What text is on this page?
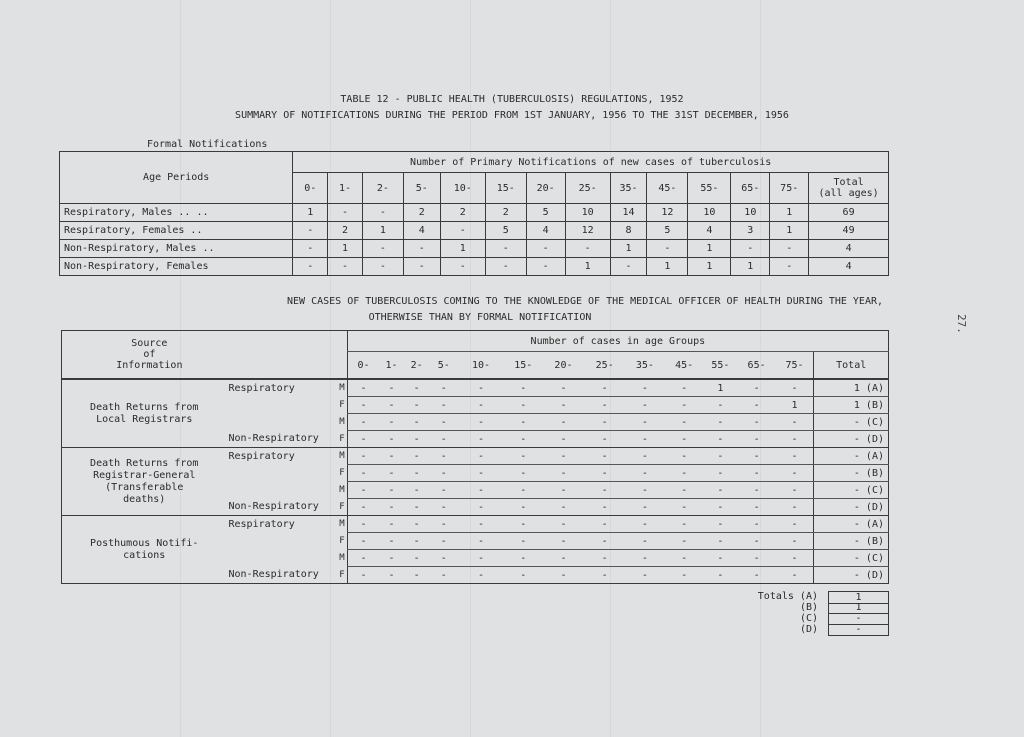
27.
TABLE 12 - PUBLIC HEALTH (TUBERCULOSIS) REGULATIONS, 1952
SUMMARY OF NOTIFICATIONS DURING THE PERIOD FROM 1ST JANUARY, 1956 TO THE 31ST DECEMBER, 1956
Formal Notifications
Age Periods	Number of Primary Notifications of new cases of tuberculosis													
	0-	1-	2-	5-	10-	15-	20-	25-	35-	45-	55-	65-	75-	Total
(all ages)
Respiratory, Males .. ..	1	-	-	2	2	2	5	10	14	12	10	10	1	69
Respiratory, Females ..	-	2	1	4	-	5	4	12	8	5	4	3	1	49
Non-Respiratory, Males ..	-	1	-	-	1	-	-	-	1	-	1	-	-	4
Non-Respiratory, Females	-	-	-	-	-	-	-	1	-	1	1	1	-	4
NEW CASES OF TUBERCULOSIS COMING TO THE KNOWLEDGE OF THE MEDICAL OFFICER OF HEALTH DURING THE YEAR,
OTHERWISE THAN BY FORMAL NOTIFICATION
Source
of
Information			Number of cases in age Groups													
			0-	1-	2-	5-	10-	15-	20-	25-	35-	45-	55-	65-	75-	Total
Death Returns from
Local Registrars	Respiratory	M	-	-	-	-	-	-	-	-	-	-	1	-	-	1 (A)
		F	-	-	-	-	-	-	-	-	-	-	-	-	1	1 (B)
		M	-	-	-	-	-	-	-	-	-	-	-	-	-	- (C)
	Non-Respiratory	F	-	-	-	-	-	-	-	-	-	-	-	-	-	- (D)
Death Returns from
Registrar-General
(Transferable
deaths)	Respiratory	M	-	-	-	-	-	-	-	-	-	-	-	-	-	- (A)
		F	-	-	-	-	-	-	-	-	-	-	-	-	-	- (B)
		M	-	-	-	-	-	-	-	-	-	-	-	-	-	- (C)
	Non-Respiratory	F	-	-	-	-	-	-	-	-	-	-	-	-	-	- (D)
Posthumous Notifi-
cations	Respiratory	M	-	-	-	-	-	-	-	-	-	-	-	-	-	- (A)
		F	-	-	-	-	-	-	-	-	-	-	-	-	-	- (B)
		M	-	-	-	-	-	-	-	-	-	-	-	-	-	- (C)
	Non-Respiratory	F	-	-	-	-	-	-	-	-	-	-	-	-	-	- (D)
Totals (A)	1
(B)	1
(C)	-
(D)	-
